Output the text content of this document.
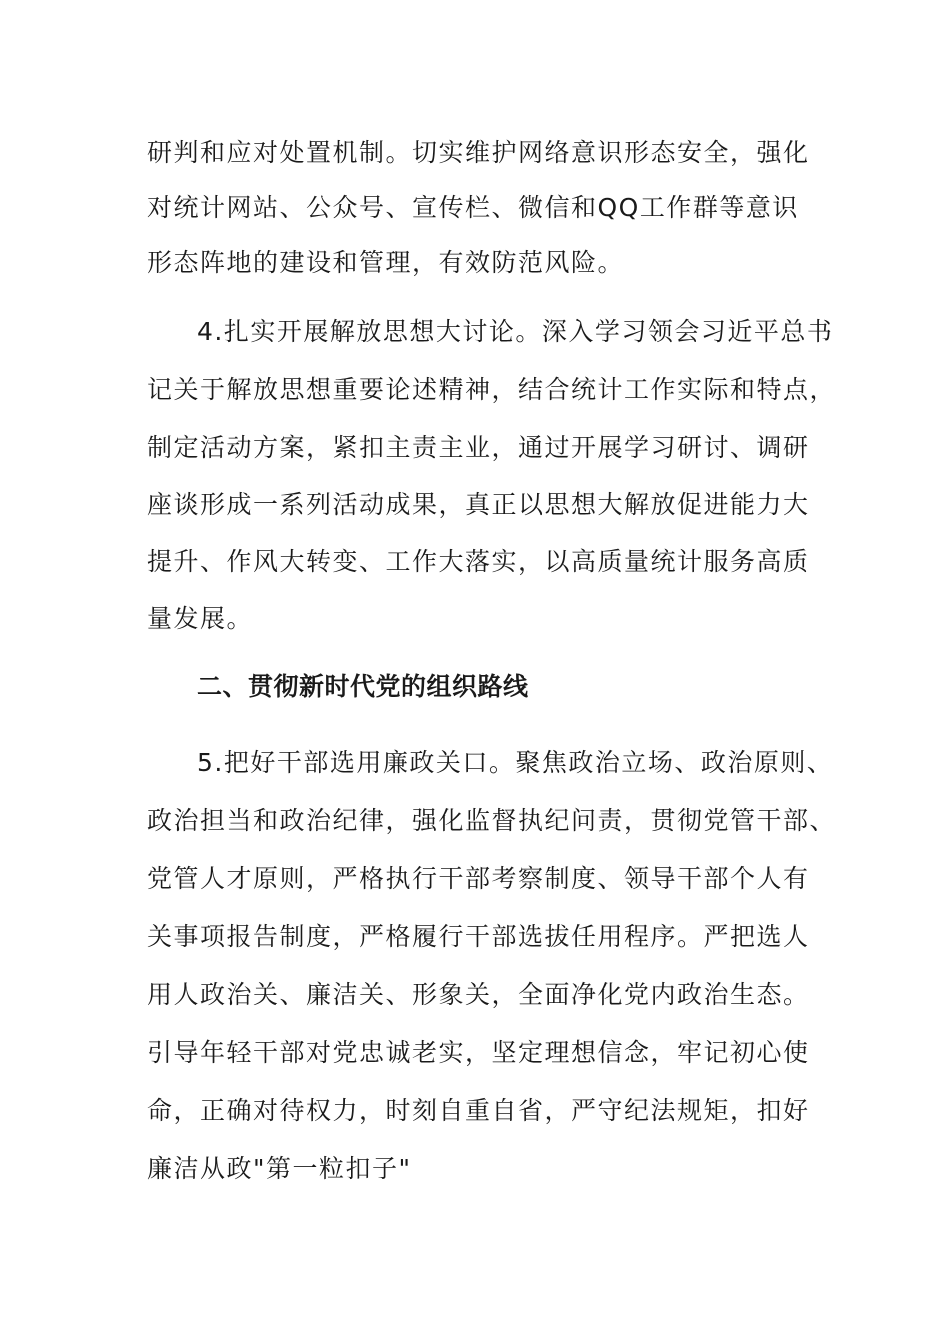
研判和应对处置机制。切实维护网络意识形态安全，强化
对统计网站、公众号、宣传栏、微信和QQ工作群等意识
形态阵地的建设和管理，有效防范风险。
4.扎实开展解放思想大讨论。深入学习领会习近平总书
记关于解放思想重要论述精神，结合统计工作实际和特点，
制定活动方案，紧扣主责主业，通过开展学习研讨、调研
座谈形成一系列活动成果，真正以思想大解放促进能力大
提升、作风大转变、工作大落实，以高质量统计服务高质
量发展。
二、贯彻新时代党的组织路线
5.把好干部选用廉政关口。聚焦政治立场、政治原则、
政治担当和政治纪律，强化监督执纪问责，贯彻党管干部、
党管人才原则，严格执行干部考察制度、领导干部个人有
关事项报告制度，严格履行干部选拔任用程序。严把选人
用人政治关、廉洁关、形象关，全面净化党内政治生态。
引导年轻干部对党忠诚老实，坚定理想信念，牢记初心使
命，正确对待权力，时刻自重自省，严守纪法规矩，扣好
廉洁从政"第一粒扣子"
